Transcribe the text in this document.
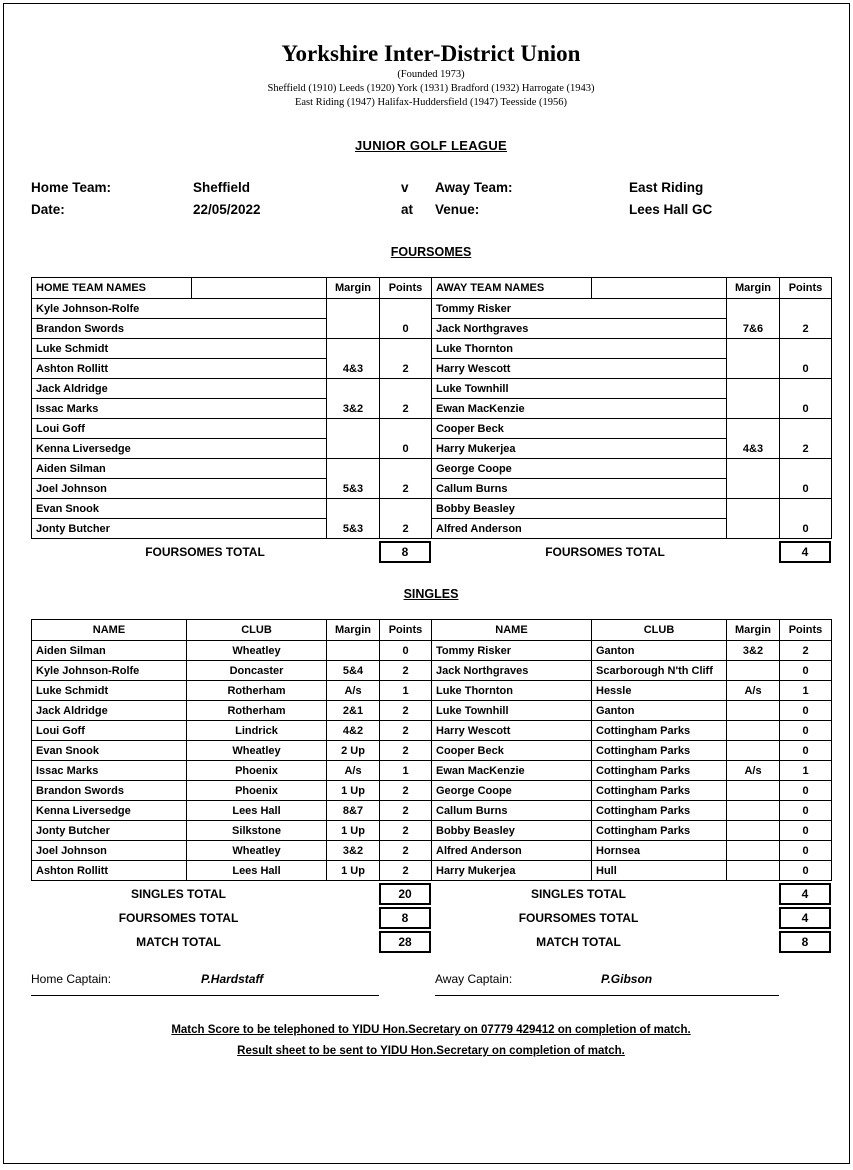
Yorkshire Inter-District Union
(Founded 1973)
Sheffield (1910) Leeds (1920) York (1931) Bradford (1932) Harrogate (1943)
East Riding (1947) Halifax-Huddersfield (1947) Teesside (1956)
JUNIOR GOLF LEAGUE
Home Team:	Sheffield	v	Away Team:	East Riding
Date:	22/05/2022	at	Venue:	Lees Hall GC
FOURSOMES
HOME TEAM NAMES		Margin	Points	AWAY TEAM NAMES		Margin	Points
Kyle Johnson-Rolfe			0	Tommy Risker		7&6	2
Brandon Swords				Jack Northgraves			
Luke Schmidt		4&3	2	Luke Thornton			0
Ashton Rollitt				Harry Wescott			
Jack Aldridge		3&2	2	Luke Townhill			0
Issac Marks				Ewan MacKenzie			
Loui Goff			0	Cooper Beck		4&3	2
Kenna Liversedge				Harry Mukerjea			
Aiden Silman		5&3	2	George Coope			0
Joel Johnson				Callum Burns			
Evan Snook		5&3	2	Bobby Beasley			0
Jonty Butcher				Alfred Anderson			
FOURSOMES TOTAL	8	FOURSOMES TOTAL	4
SINGLES
NAME	CLUB	Margin	Points	NAME	CLUB	Margin	Points
Aiden Silman	Wheatley		0	Tommy Risker	Ganton	3&2	2
Kyle Johnson-Rolfe	Doncaster	5&4	2	Jack Northgraves	Scarborough N'th Cliff		0
Luke Schmidt	Rotherham	A/s	1	Luke Thornton	Hessle	A/s	1
Jack Aldridge	Rotherham	2&1	2	Luke Townhill	Ganton		0
Loui Goff	Lindrick	4&2	2	Harry Wescott	Cottingham Parks		0
Evan Snook	Wheatley	2 Up	2	Cooper Beck	Cottingham Parks		0
Issac Marks	Phoenix	A/s	1	Ewan MacKenzie	Cottingham Parks	A/s	1
Brandon Swords	Phoenix	1 Up	2	George Coope	Cottingham Parks		0
Kenna Liversedge	Lees Hall	8&7	2	Callum Burns	Cottingham Parks		0
Jonty Butcher	Silkstone	1 Up	2	Bobby Beasley	Cottingham Parks		0
Joel Johnson	Wheatley	3&2	2	Alfred Anderson	Hornsea		0
Ashton Rollitt	Lees Hall	1 Up	2	Harry Mukerjea	Hull		0
SINGLES TOTAL	20	SINGLES TOTAL	4
FOURSOMES TOTAL	8	FOURSOMES TOTAL	4
MATCH TOTAL	28	MATCH TOTAL	8
Home Captain:	P.Hardstaff	Away Captain:	P.Gibson
Match Score to be telephoned to YIDU Hon.Secretary on 07779 429412 on completion of match.
Result sheet to be sent to YIDU Hon.Secretary on completion of match.
